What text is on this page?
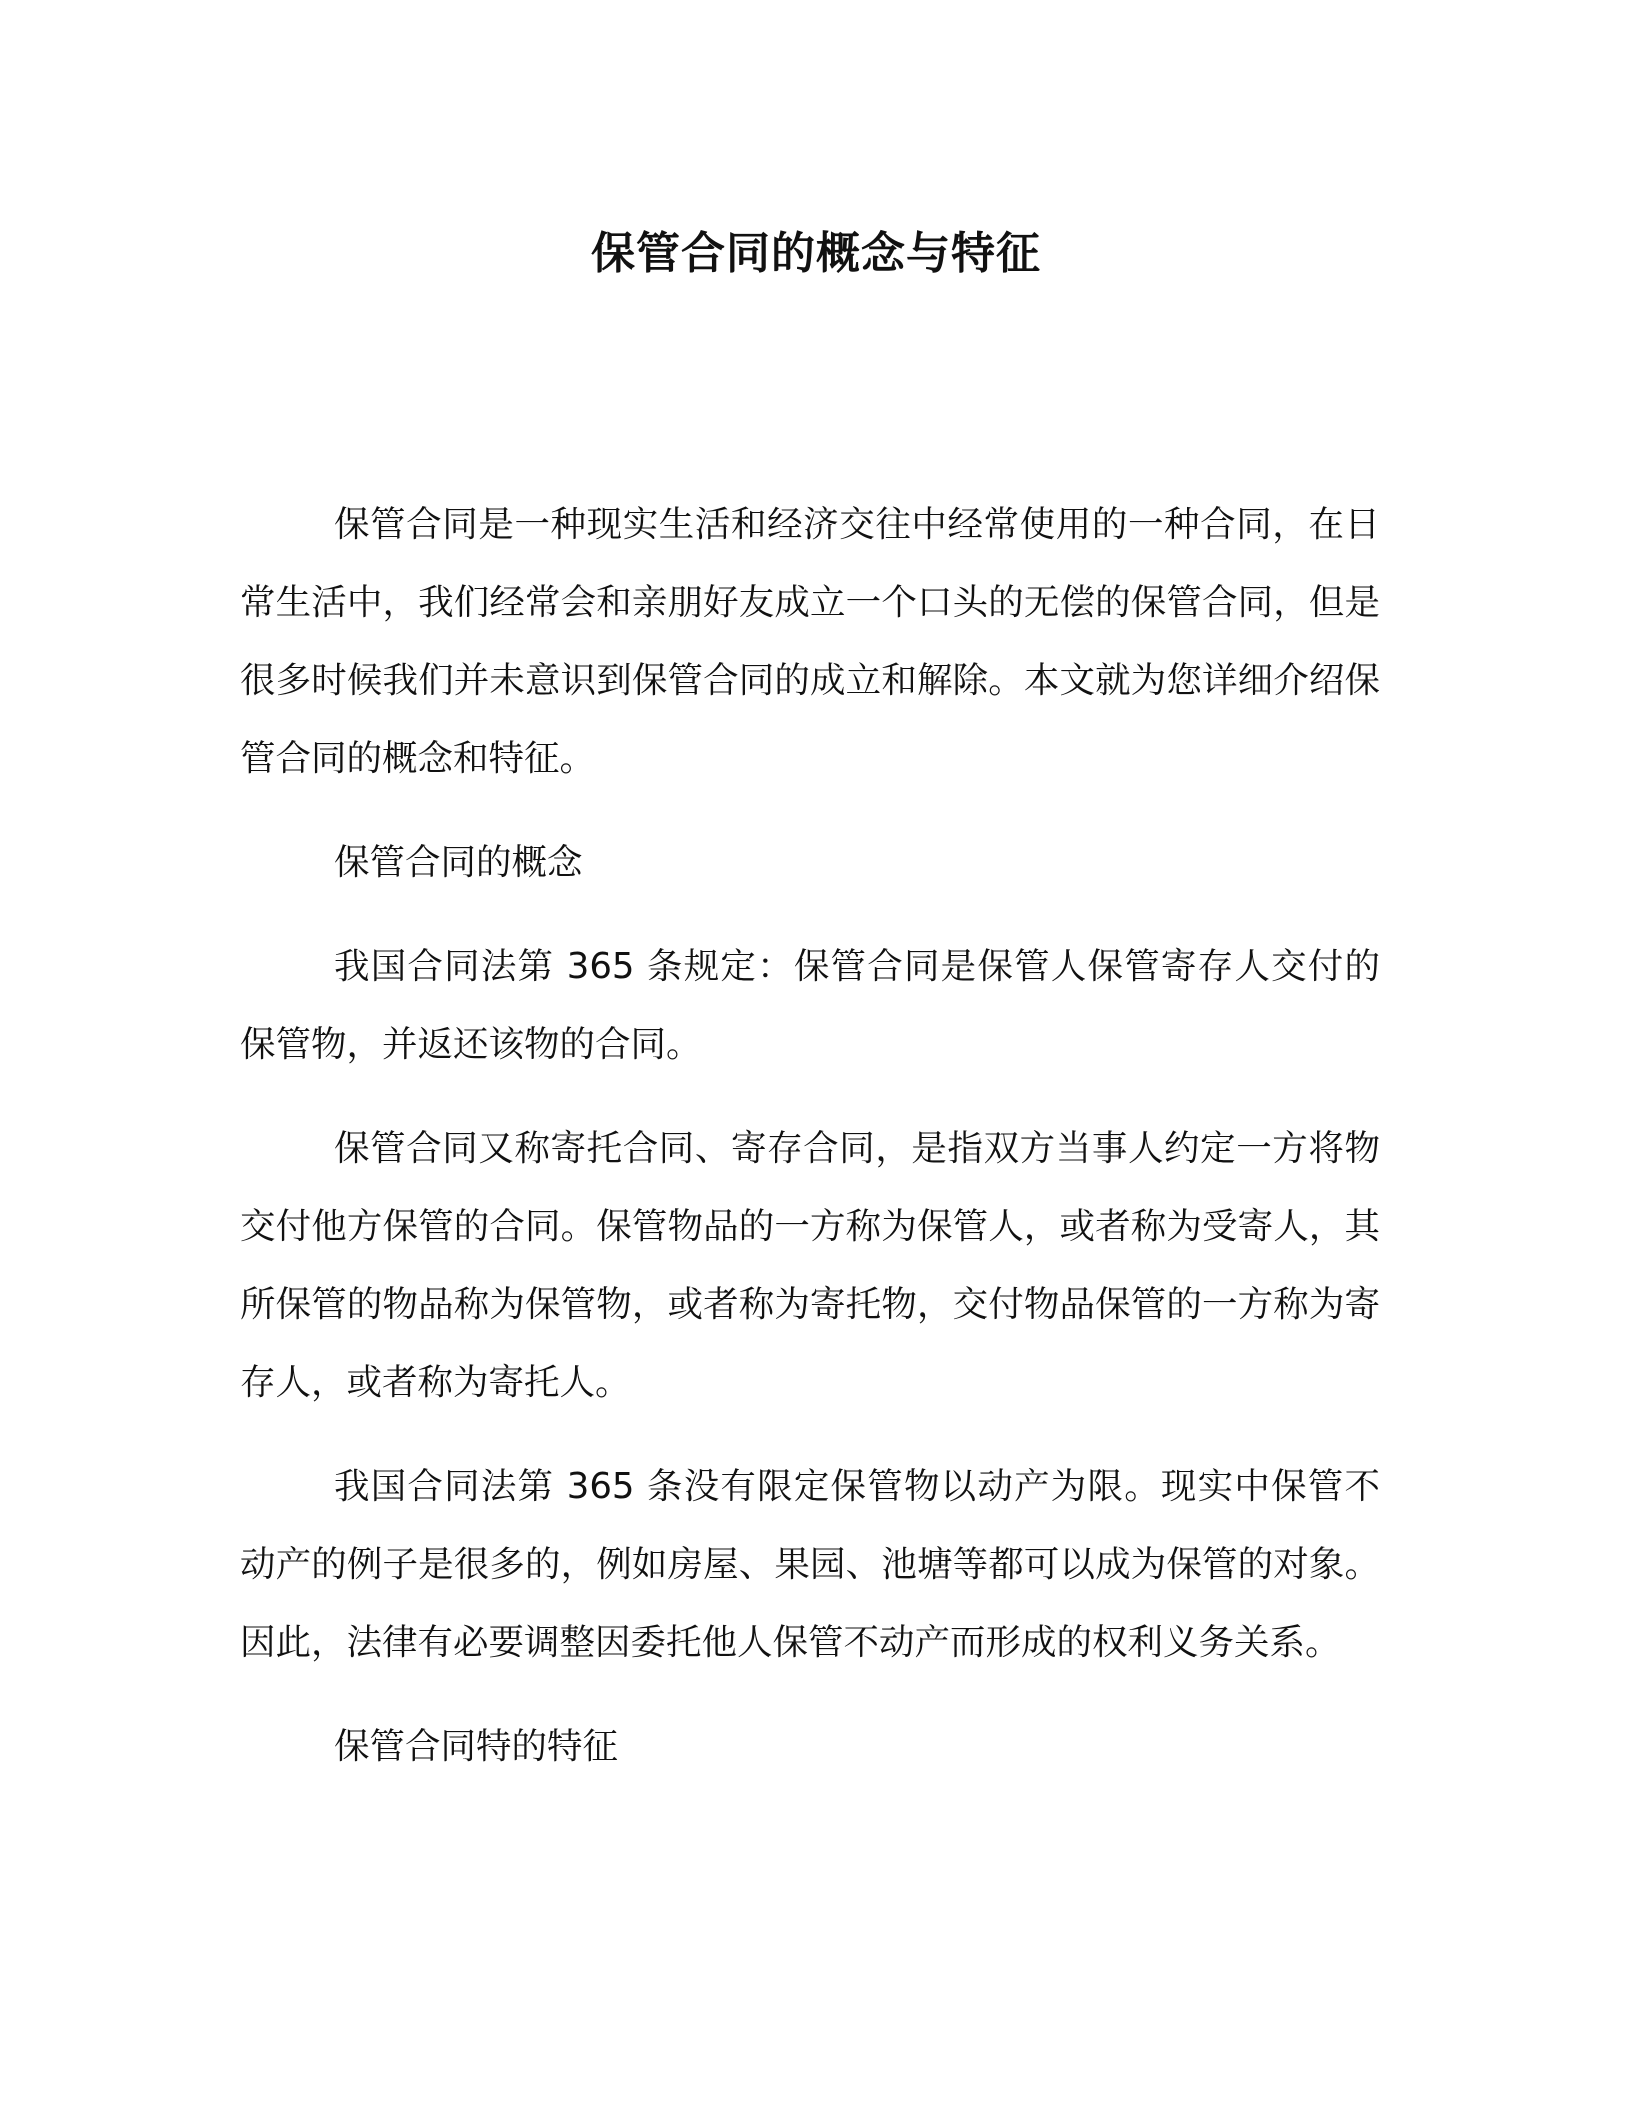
保管合同的概念与特征

保管合同是一种现实生活和经济交往中经常使用的一种合同，在日常生活中，我们经常会和亲朋好友成立一个口头的无偿的保管合同，但是很多时候我们并未意识到保管合同的成立和解除。本文就为您详细介绍保管合同的概念和特征。

保管合同的概念

我国合同法第 365 条规定：保管合同是保管人保管寄存人交付的保管物，并返还该物的合同。

保管合同又称寄托合同、寄存合同，是指双方当事人约定一方将物交付他方保管的合同。保管物品的一方称为保管人，或者称为受寄人，其所保管的物品称为保管物，或者称为寄托物，交付物品保管的一方称为寄存人，或者称为寄托人。

我国合同法第 365 条没有限定保管物以动产为限。现实中保管不动产的例子是很多的，例如房屋、果园、池塘等都可以成为保管的对象。因此，法律有必要调整因委托他人保管不动产而形成的权利义务关系。

保管合同特的特征
